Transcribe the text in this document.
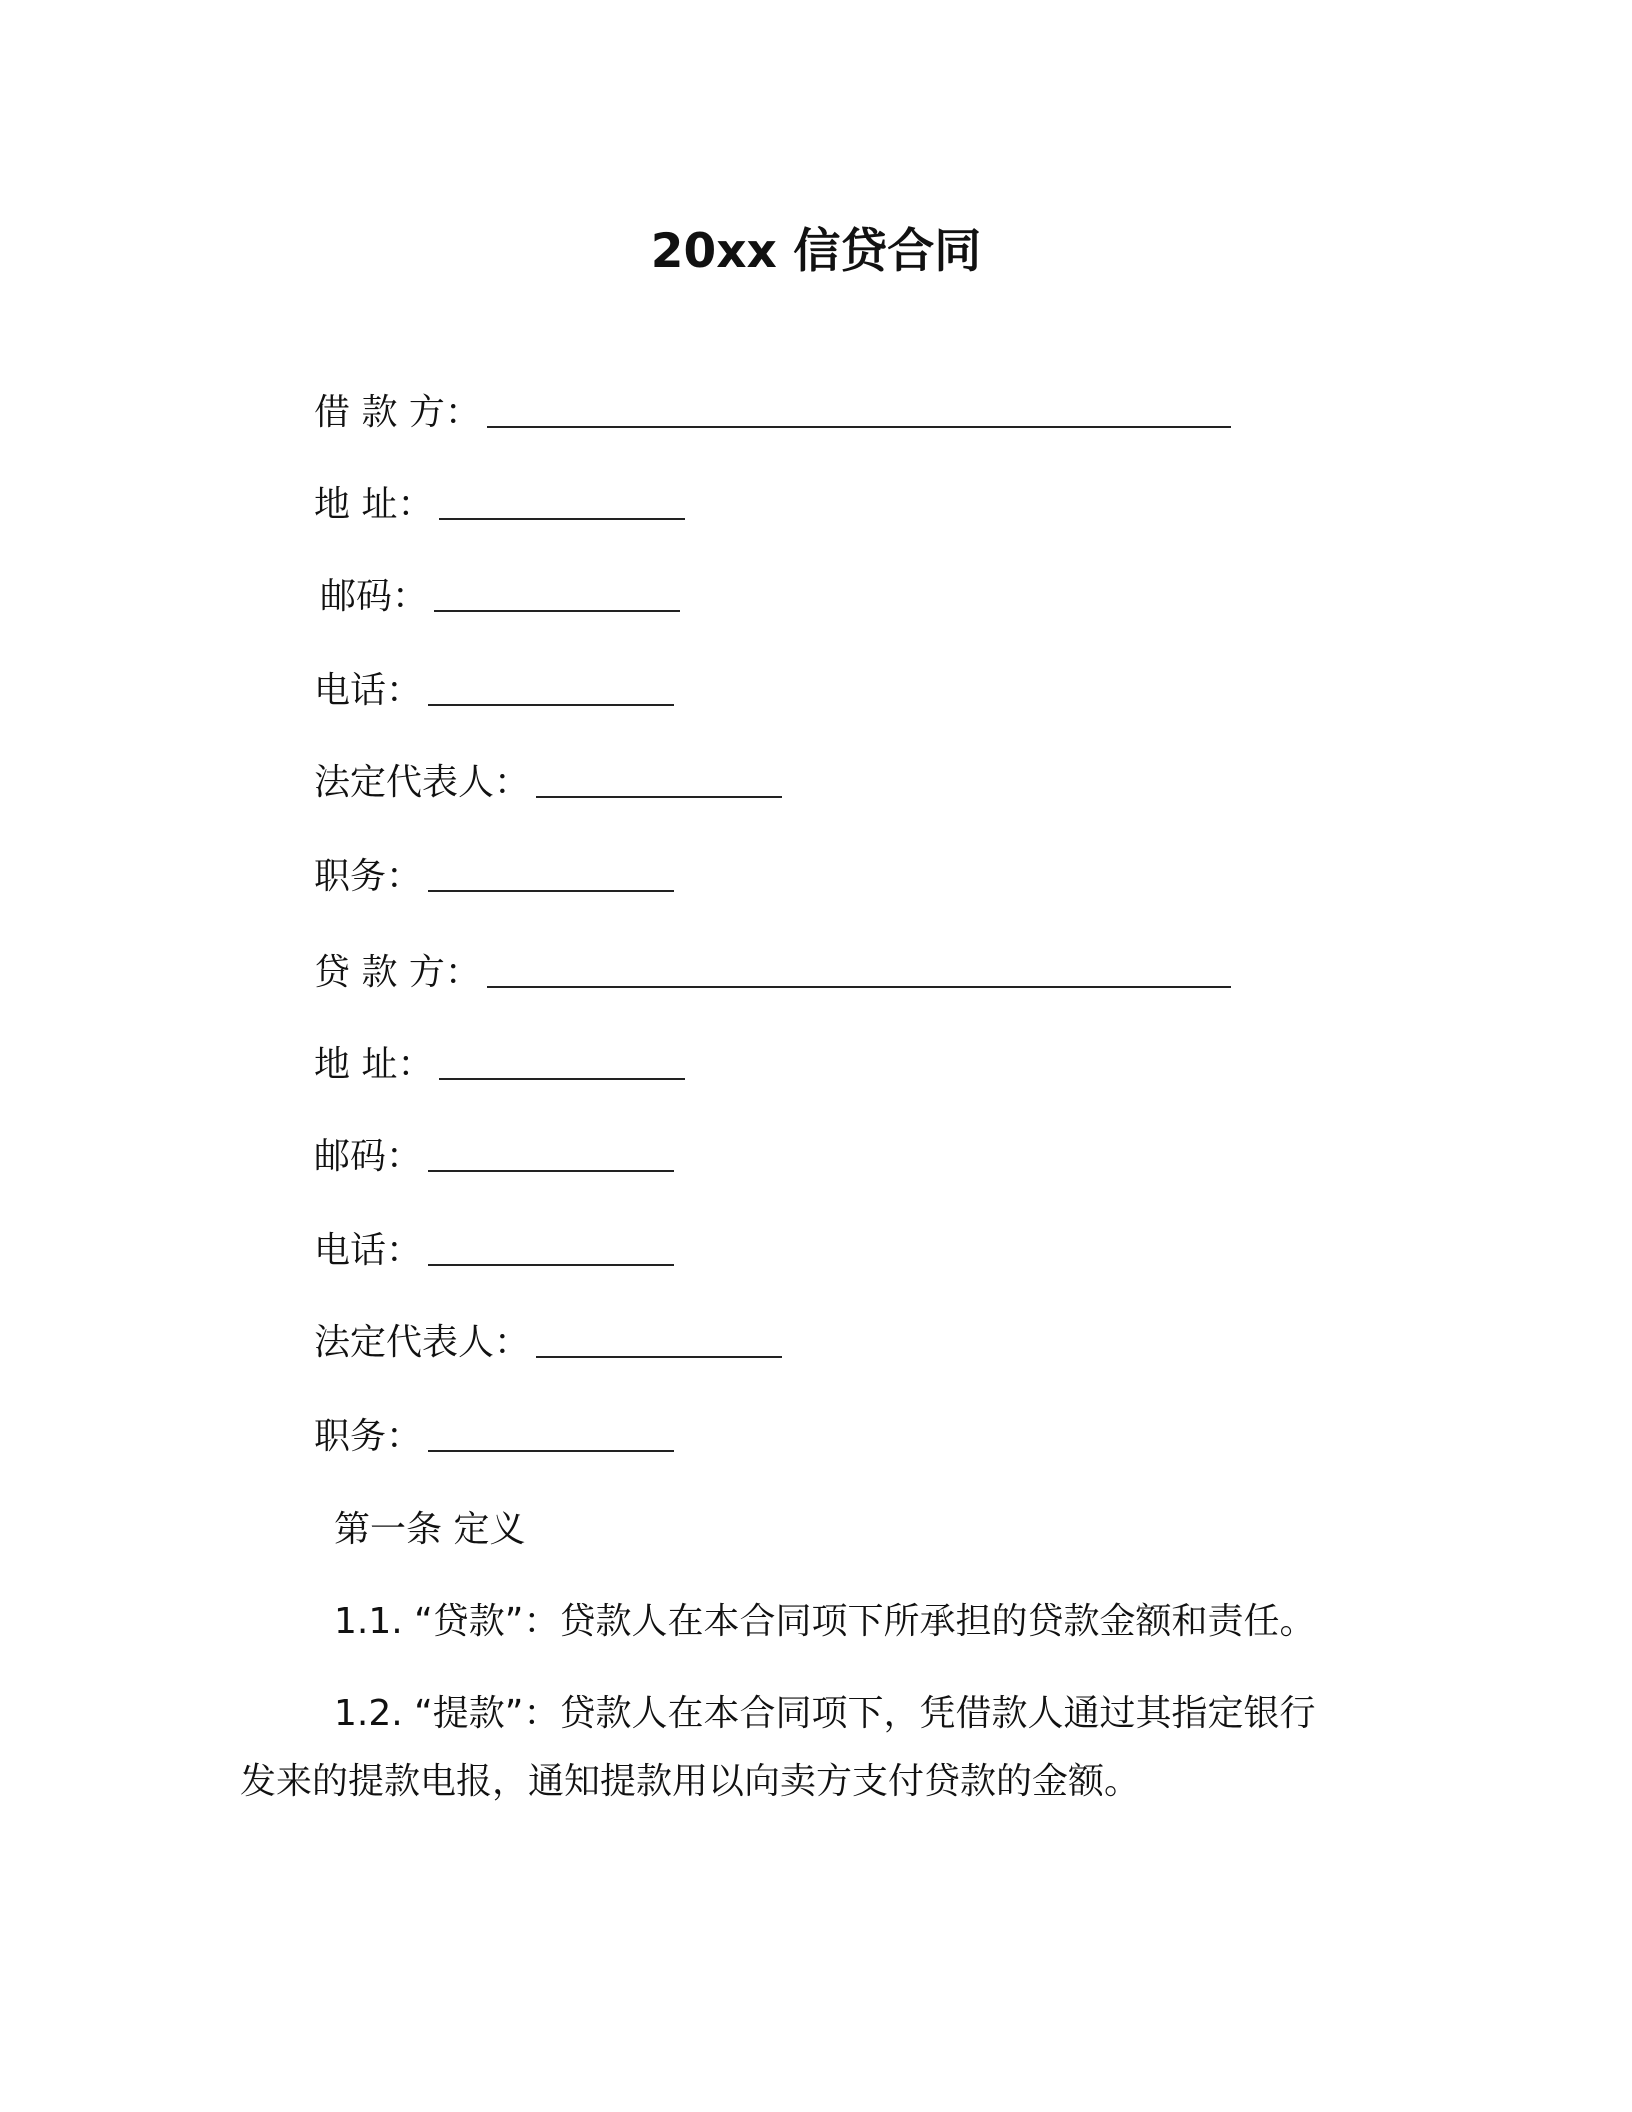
20xx 信贷合同
借 款 方：
地 址：
邮码：
电话：
法定代表人：
职务：
贷 款 方：
地 址：
邮码：
电话：
法定代表人：
职务：
第一条 定义
1.1. “贷款”：贷款人在本合同项下所承担的贷款金额和责任。
1.2. “提款”：贷款人在本合同项下，凭借款人通过其指定银行
发来的提款电报，通知提款用以向卖方支付贷款的金额。
